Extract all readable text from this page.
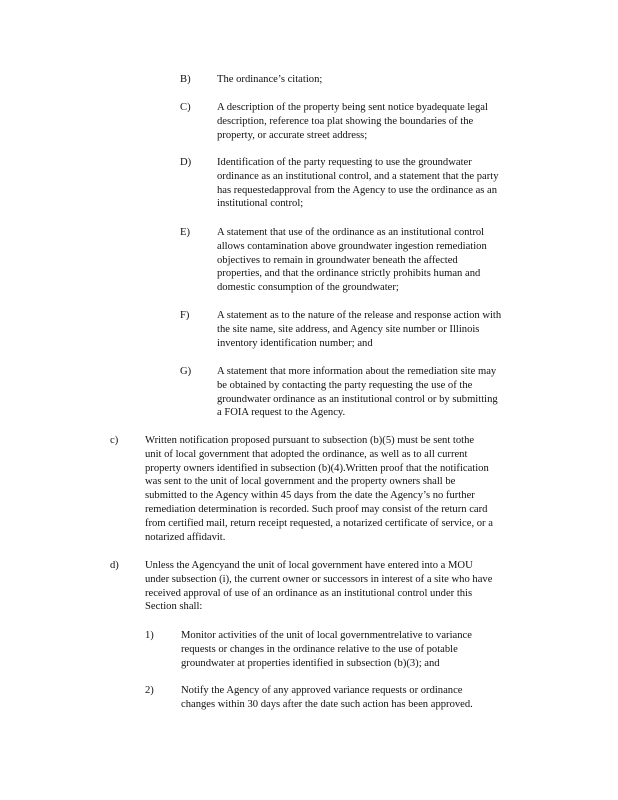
B) The ordinance’s citation;
C) A description of the property being sent notice byadequate legal
description, reference toa plat showing the boundaries of the
property, or accurate street address;
D) Identification of the party requesting to use the groundwater
ordinance as an institutional control, and a statement that the party
has requestedapproval from the Agency to use the ordinance as an
institutional control;
E)	A statement that use of the ordinance as an institutional control
allows contamination above groundwater ingestion remediation
objectives to remain in groundwater beneath the affected
properties, and that the ordinance strictly prohibits human and
domestic consumption of the groundwater;
F)	A statement as to the nature of the release and response action with
the site name, site address, and Agency site number or Illinois
inventory identification number; and
G) A statement that more information about the remediation site may
be obtained by contacting the party requesting the use of the
groundwater ordinance as an institutional control or by submitting
a FOIA request to the Agency.
c)	Written notification proposed pursuant to subsection (b)(5) must be sent tothe
unit of local government that adopted the ordinance, as well as to all current
property owners identified in subsection (b)(4).Written proof that the notification
was sent to the unit of local government and the property owners shall be
submitted to the Agency within 45 days from the date the Agency’s no further
remediation determination is recorded. Such proof may consist of the return card
from certified mail, return receipt requested, a notarized certificate of service, or a
notarized affidavit.
d) Unless the Agencyand the unit of local government have entered into a MOU
under subsection (i), the current owner or successors in interest of a site who have
received approval of use of an ordinance as an institutional control under this
Section shall:
1)	Monitor activities of the unit of local governmentrelative to variance
requests or changes in the ordinance relative to the use of potable
groundwater at properties identified in subsection (b)(3); and
2)	Notify the Agency of any approved variance requests or ordinance
changes within 30 days after the date such action has been approved.
